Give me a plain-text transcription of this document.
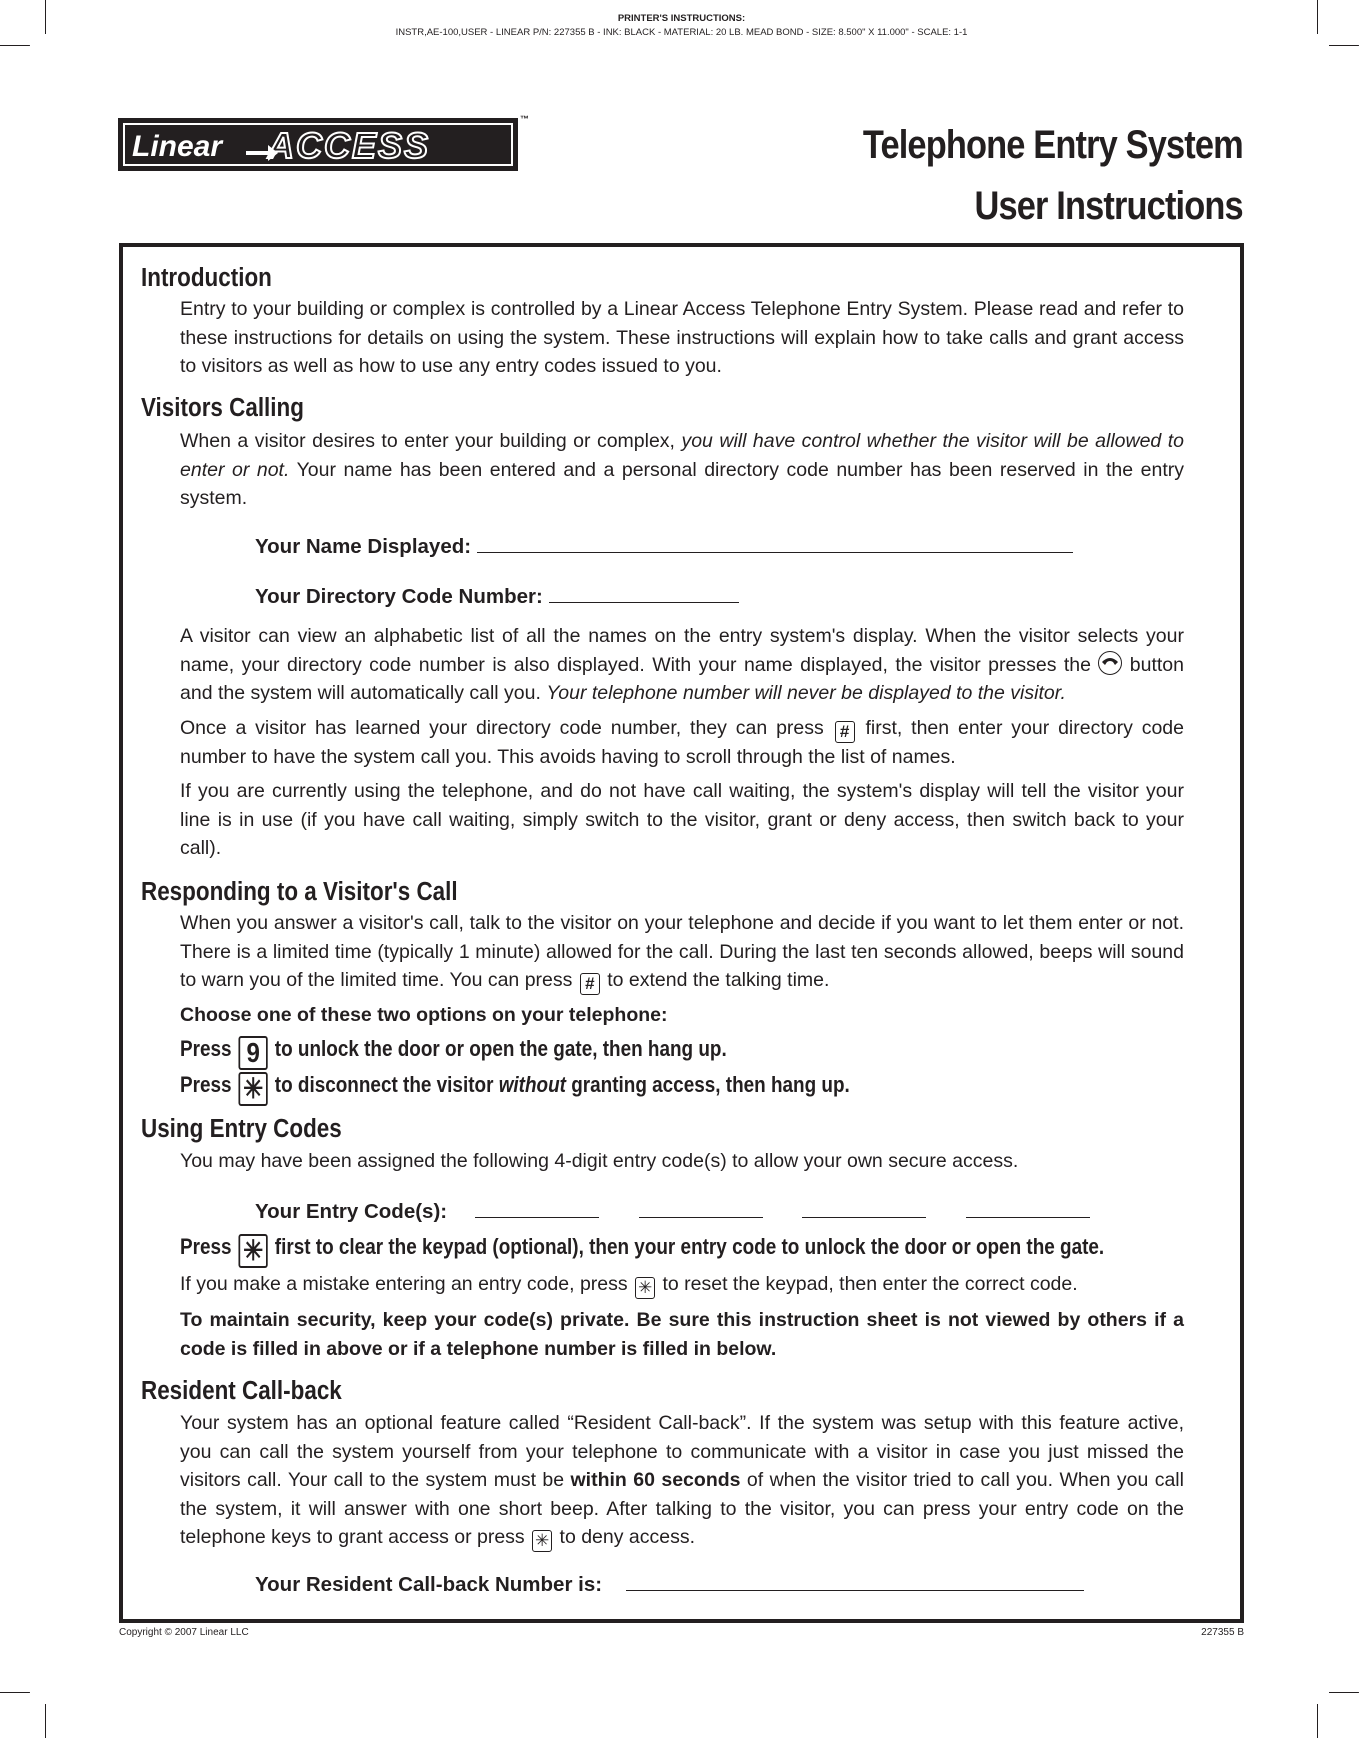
PRINTER'S INSTRUCTIONS:
INSTR,AE-100,USER - LINEAR P/N: 227355 B - INK: BLACK - MATERIAL: 20 LB. MEAD BOND - SIZE: 8.500" X 11.000" - SCALE: 1-1
Linear ACCESS
™
Telephone Entry System
User Instructions
Introduction
Entry to your building or complex is controlled by a Linear Access Telephone Entry System. Please read and refer to these instructions for details on using the system. These instructions will explain how to take calls and grant access to visitors as well as how to use any entry codes issued to you.
Visitors Calling
When a visitor desires to enter your building or complex, you will have control whether the visitor will be allowed to enter or not. Your name has been entered and a personal directory code number has been reserved in the entry system.
Your Name Displayed:
Your Directory Code Number:
A visitor can view an alphabetic list of all the names on the entry system's display. When the visitor selects your name, your directory code number is also displayed. With your name displayed, the visitor presses the
button and the system will automatically call you. Your telephone number will never be displayed to the visitor.
Once a visitor has learned your directory code number, they can press # first, then enter your directory code number to have the system call you. This avoids having to scroll through the list of names.
If you are currently using the telephone, and do not have call waiting, the system's display will tell the visitor your line is in use (if you have call waiting, simply switch to the visitor, grant or deny access, then switch back to your call).
Responding to a Visitor's Call
When you answer a visitor's call, talk to the visitor on your telephone and decide if you want to let them enter or not. There is a limited time (typically 1 minute) allowed for the call. During the last ten seconds allowed, beeps will sound to warn you of the limited time. You can press # to extend the talking time.
Choose one of these two options on your telephone:
Press 9 to unlock the door or open the gate, then hang up.
Press ✳ to disconnect the visitor without granting access, then hang up.
Using Entry Codes
You may have been assigned the following 4-digit entry code(s) to allow your own secure access.
Your Entry Code(s):
Press ✳ first to clear the keypad (optional), then your entry code to unlock the door or open the gate.
If you make a mistake entering an entry code, press ✳ to reset the keypad, then enter the correct code.
To maintain security, keep your code(s) private. Be sure this instruction sheet is not viewed by others if a code is filled in above or if a telephone number is filled in below.
Resident Call-back
Your system has an optional feature called “Resident Call-back”. If the system was setup with this feature active, you can call the system yourself from your telephone to communicate with a visitor in case you just missed the visitors call. Your call to the system must be within 60 seconds of when the visitor tried to call you. When you call the system, it will answer with one short beep. After talking to the visitor, you can press your entry code on the telephone keys to grant access or press ✳ to deny access.
Your Resident Call-back Number is:
Copyright © 2007 Linear LLC	227355 B
